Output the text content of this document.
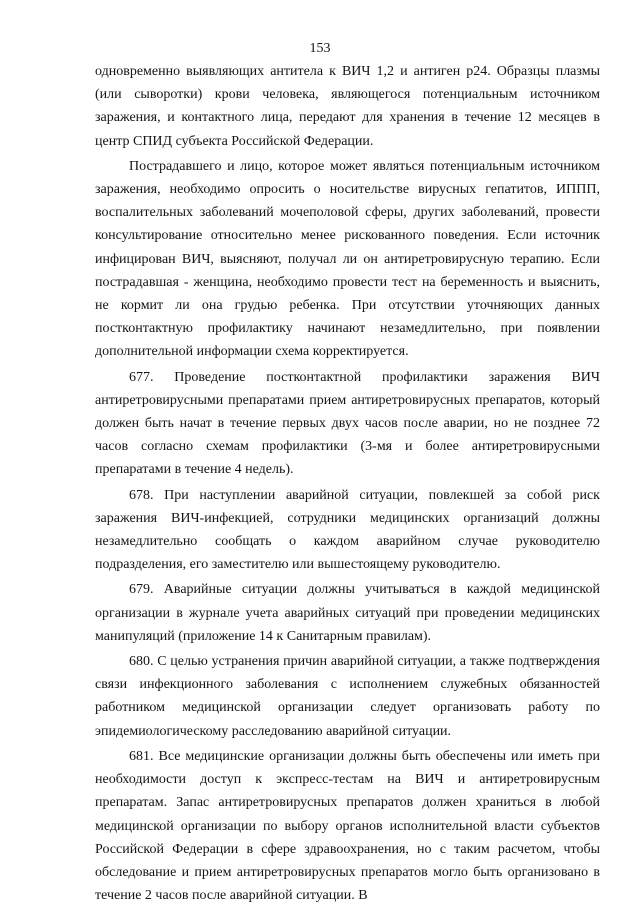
153

одновременно выявляющих антитела к ВИЧ 1,2 и антиген р24. Образцы плазмы (или сыворотки) крови человека, являющегося потенциальным источником заражения, и контактного лица, передают для хранения в течение 12 месяцев в центр СПИД субъекта Российской Федерации.

Пострадавшего и лицо, которое может являться потенциальным источником заражения, необходимо опросить о носительстве вирусных гепатитов, ИППП, воспалительных заболеваний мочеполовой сферы, других заболеваний, провести консультирование относительно менее рискованного поведения. Если источник инфицирован ВИЧ, выясняют, получал ли он антиретровирусную терапию. Если пострадавшая - женщина, необходимо провести тест на беременность и выяснить, не кормит ли она грудью ребенка. При отсутствии уточняющих данных постконтактную профилактику начинают незамедлительно, при появлении дополнительной информации схема корректируется.

677. Проведение постконтактной профилактики заражения ВИЧ антиретровирусными препаратами прием антиретровирусных препаратов, который должен быть начат в течение первых двух часов после аварии, но не позднее 72 часов согласно схемам профилактики (3-мя и более антиретровирусными препаратами в течение 4 недель).

678. При наступлении аварийной ситуации, повлекшей за собой риск заражения ВИЧ-инфекцией, сотрудники медицинских организаций должны незамедлительно сообщать о каждом аварийном случае руководителю подразделения, его заместителю или вышестоящему руководителю.

679. Аварийные ситуации должны учитываться в каждой медицинской организации в журнале учета аварийных ситуаций при проведении медицинских манипуляций (приложение 14 к Санитарным правилам).

680. С целью устранения причин аварийной ситуации, а также подтверждения связи инфекционного заболевания с исполнением служебных обязанностей работником медицинской организации следует организовать работу по эпидемиологическому расследованию аварийной ситуации.

681. Все медицинские организации должны быть обеспечены или иметь при необходимости доступ к экспресс-тестам на ВИЧ и антиретровирусным препаратам. Запас антиретровирусных препаратов должен храниться в любой медицинской организации по выбору органов исполнительной власти субъектов Российской Федерации в сфере здравоохранения, но с таким расчетом, чтобы обследование и прием антиретровирусных препаратов могло быть организовано в течение 2 часов после аварийной ситуации. В
